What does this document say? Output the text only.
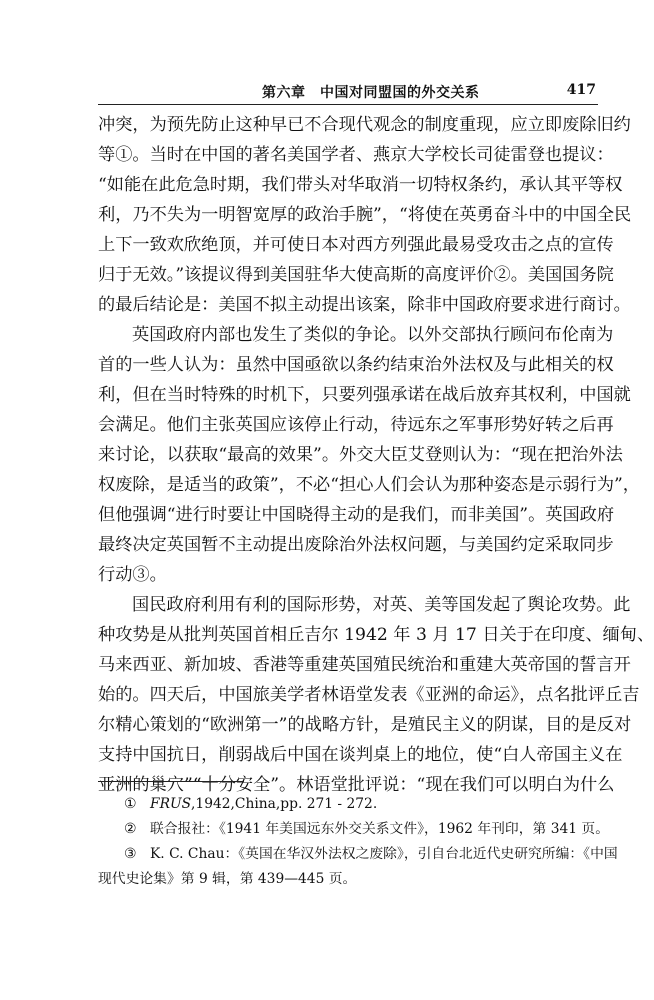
第六章　中国对同盟国的外交关系	417
冲突，为预先防止这种早已不合现代观念的制度重现，应立即废除旧约
等①。当时在中国的著名美国学者、燕京大学校长司徒雷登也提议：
“如能在此危急时期，我们带头对华取消一切特权条约，承认其平等权
利，乃不失为一明智宽厚的政治手腕”，“将使在英勇奋斗中的中国全民
上下一致欢欣绝顶，并可使日本对西方列强此最易受攻击之点的宣传
归于无效。”该提议得到美国驻华大使高斯的高度评价②。美国国务院
的最后结论是：美国不拟主动提出该案，除非中国政府要求进行商讨。
英国政府内部也发生了类似的争论。以外交部执行顾问布伦南为
首的一些人认为：虽然中国亟欲以条约结束治外法权及与此相关的权
利，但在当时特殊的时机下，只要列强承诺在战后放弃其权利，中国就
会满足。他们主张英国应该停止行动，待远东之军事形势好转之后再
来讨论，以获取“最高的效果”。外交大臣艾登则认为：“现在把治外法
权废除，是适当的政策”，不必“担心人们会认为那种姿态是示弱行为”，
但他强调“进行时要让中国晓得主动的是我们，而非美国”。英国政府
最终决定英国暂不主动提出废除治外法权问题，与美国约定采取同步
行动③。
国民政府利用有利的国际形势，对英、美等国发起了舆论攻势。此
种攻势是从批判英国首相丘吉尔 1942 年 3 月 17 日关于在印度、缅甸、
马来西亚、新加坡、香港等重建英国殖民统治和重建大英帝国的誓言开
始的。四天后，中国旅美学者林语堂发表《亚洲的命运》，点名批评丘吉
尔精心策划的“欧洲第一”的战略方针，是殖民主义的阴谋，目的是反对
支持中国抗日，削弱战后中国在谈判桌上的地位，使“白人帝国主义在
亚洲的巢穴”“十分安全”。林语堂批评说：“现在我们可以明白为什么
① FRUS,1942,China,pp. 271 - 272.
② 联合报社：《1941 年美国远东外交关系文件》，1962 年刊印，第 341 页。
③ K. C. Chau：《英国在华汉外法权之废除》，引自台北近代史研究所编：《中国
现代史论集》第 9 辑，第 439—445 页。
